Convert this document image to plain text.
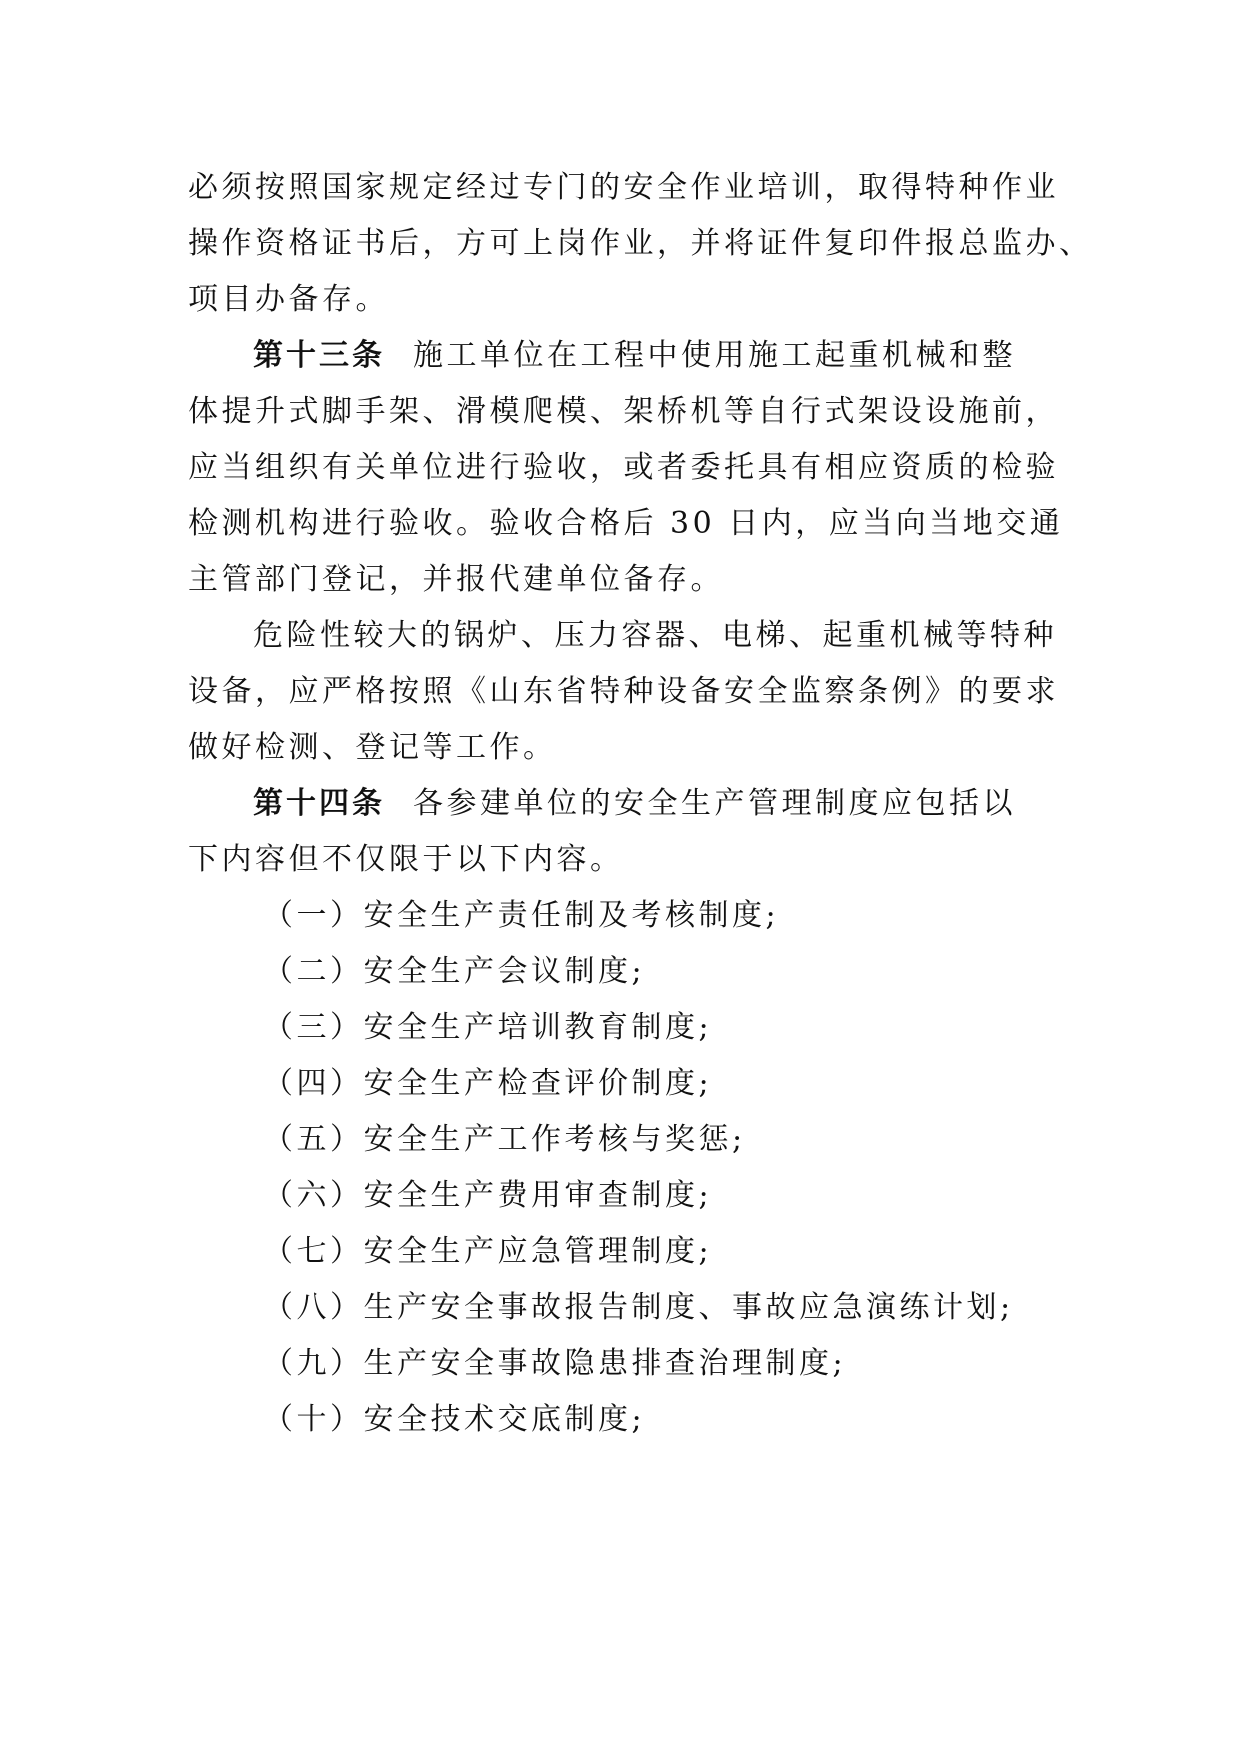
必须按照国家规定经过专门的安全作业培训，取得特种作业
操作资格证书后，方可上岗作业，并将证件复印件报总监办、
项目办备存。
第十三条 施工单位在工程中使用施工起重机械和整
体提升式脚手架、滑模爬模、架桥机等自行式架设设施前，
应当组织有关单位进行验收，或者委托具有相应资质的检验
检测机构进行验收。验收合格后 30 日内，应当向当地交通
主管部门登记，并报代建单位备存。
危险性较大的锅炉、压力容器、电梯、起重机械等特种
设备，应严格按照《山东省特种设备安全监察条例》的要求
做好检测、登记等工作。
第十四条 各参建单位的安全生产管理制度应包括以
下内容但不仅限于以下内容。
（一）安全生产责任制及考核制度;
（二）安全生产会议制度;
（三）安全生产培训教育制度;
（四）安全生产检查评价制度;
（五）安全生产工作考核与奖惩;
（六）安全生产费用审查制度;
（七）安全生产应急管理制度;
（八）生产安全事故报告制度、事故应急演练计划;
（九）生产安全事故隐患排查治理制度;
（十）安全技术交底制度;
